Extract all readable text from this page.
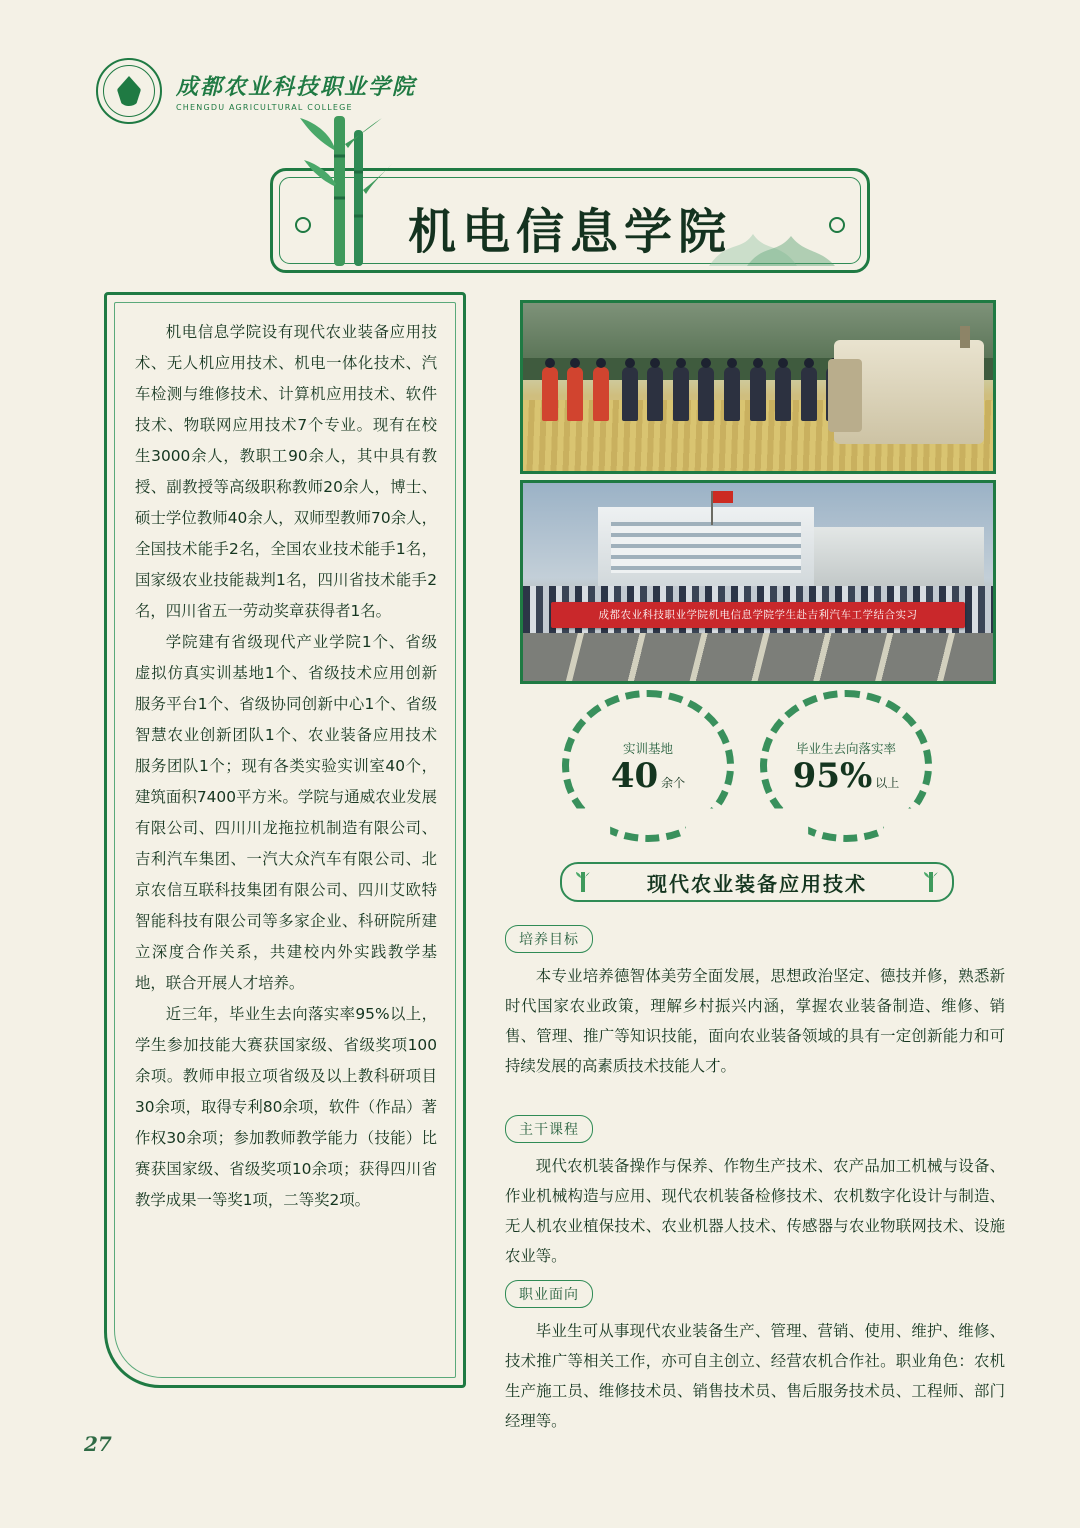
成都农业科技职业学院
CHENGDU AGRICULTURAL COLLEGE
机电信息学院

机电信息学院设有现代农业装备应用技术、无人机应用技术、机电一体化技术、汽车检测与维修技术、计算机应用技术、软件技术、物联网应用技术7个专业。现有在校生3000余人，教职工90余人，其中具有教授、副教授等高级职称教师20余人，博士、硕士学位教师40余人，双师型教师70余人，全国技术能手2名，全国农业技术能手1名，国家级农业技能裁判1名，四川省技术能手2名，四川省五一劳动奖章获得者1名。

学院建有省级现代产业学院1个、省级虚拟仿真实训基地1个、省级技术应用创新服务平台1个、省级协同创新中心1个、省级智慧农业创新团队1个、农业装备应用技术服务团队1个；现有各类实验实训室40个，建筑面积7400平方米。学院与通威农业发展有限公司、四川川龙拖拉机制造有限公司、吉利汽车集团、一汽大众汽车有限公司、北京农信互联科技集团有限公司、四川艾欧特智能科技有限公司等多家企业、科研院所建立深度合作关系，共建校内外实践教学基地，联合开展人才培养。

近三年，毕业生去向落实率95%以上，学生参加技能大赛获国家级、省级奖项100余项。教师申报立项省级及以上教科研项目30余项，取得专利80余项，软件（作品）著作权30余项；参加教师教学能力（技能）比赛获国家级、省级奖项10余项；获得四川省教学成果一等奖1项，二等奖2项。

成都农业科技职业学院机电信息学院学生赴吉利汽车工学结合实习
实训基地
40 余个
毕业生去向落实率
95% 以上
现代农业装备应用技术
培养目标

本专业培养德智体美劳全面发展，思想政治坚定、德技并修，熟悉新时代国家农业政策，理解乡村振兴内涵，掌握农业装备制造、维修、销售、管理、推广等知识技能，面向农业装备领域的具有一定创新能力和可持续发展的高素质技术技能人才。

主干课程

现代农机装备操作与保养、作物生产技术、农产品加工机械与设备、作业机械构造与应用、现代农机装备检修技术、农机数字化设计与制造、无人机农业植保技术、农业机器人技术、传感器与农业物联网技术、设施农业等。

职业面向

毕业生可从事现代农业装备生产、管理、营销、使用、维护、维修、技术推广等相关工作，亦可自主创立、经营农机合作社。职业角色：农机生产施工员、维修技术员、销售技术员、售后服务技术员、工程师、部门经理等。

27
